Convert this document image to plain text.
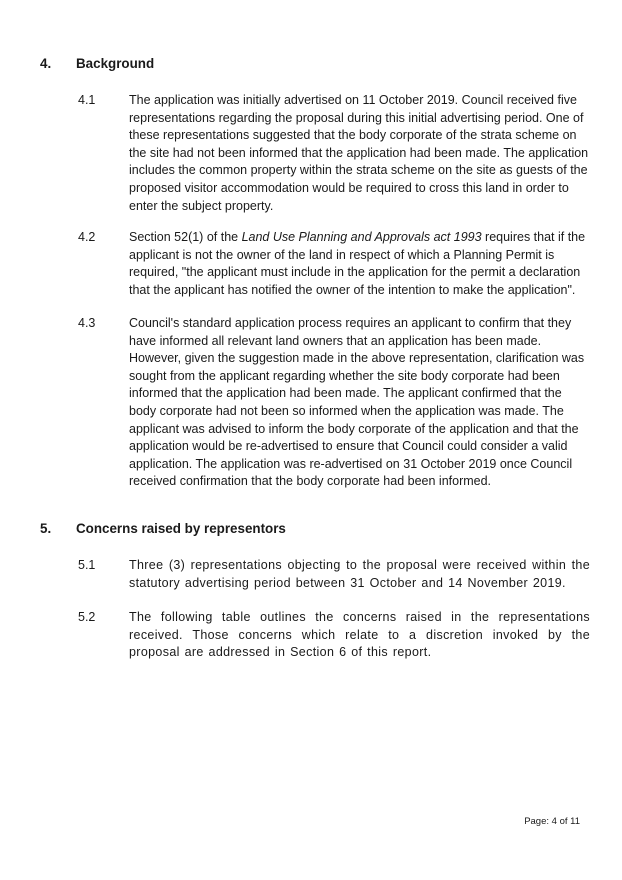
4.	Background
4.1	The application was initially advertised on 11 October 2019. Council received five representations regarding the proposal during this initial advertising period. One of these representations suggested that the body corporate of the strata scheme on the site had not been informed that the application had been made. The application includes the common property within the strata scheme on the site as guests of the proposed visitor accommodation would be required to cross this land in order to enter the subject property.
4.2	Section 52(1) of the Land Use Planning and Approvals act 1993 requires that if the applicant is not the owner of the land in respect of which a Planning Permit is required, "the applicant must include in the application for the permit a declaration that the applicant has notified the owner of the intention to make the application".
4.3	Council's standard application process requires an applicant to confirm that they have informed all relevant land owners that an application has been made. However, given the suggestion made in the above representation, clarification was sought from the applicant regarding whether the site body corporate had been informed that the application had been made. The applicant confirmed that the body corporate had not been so informed when the application was made. The applicant was advised to inform the body corporate of the application and that the application would be re-advertised to ensure that Council could consider a valid application. The application was re-advertised on 31 October 2019 once Council received confirmation that the body corporate had been informed.
5.	Concerns raised by representors
5.1	Three (3) representations objecting to the proposal were received within the statutory advertising period between 31 October and 14 November 2019.
5.2	The following table outlines the concerns raised in the representations received. Those concerns which relate to a discretion invoked by the proposal are addressed in Section 6 of this report.
Page: 4 of 11
